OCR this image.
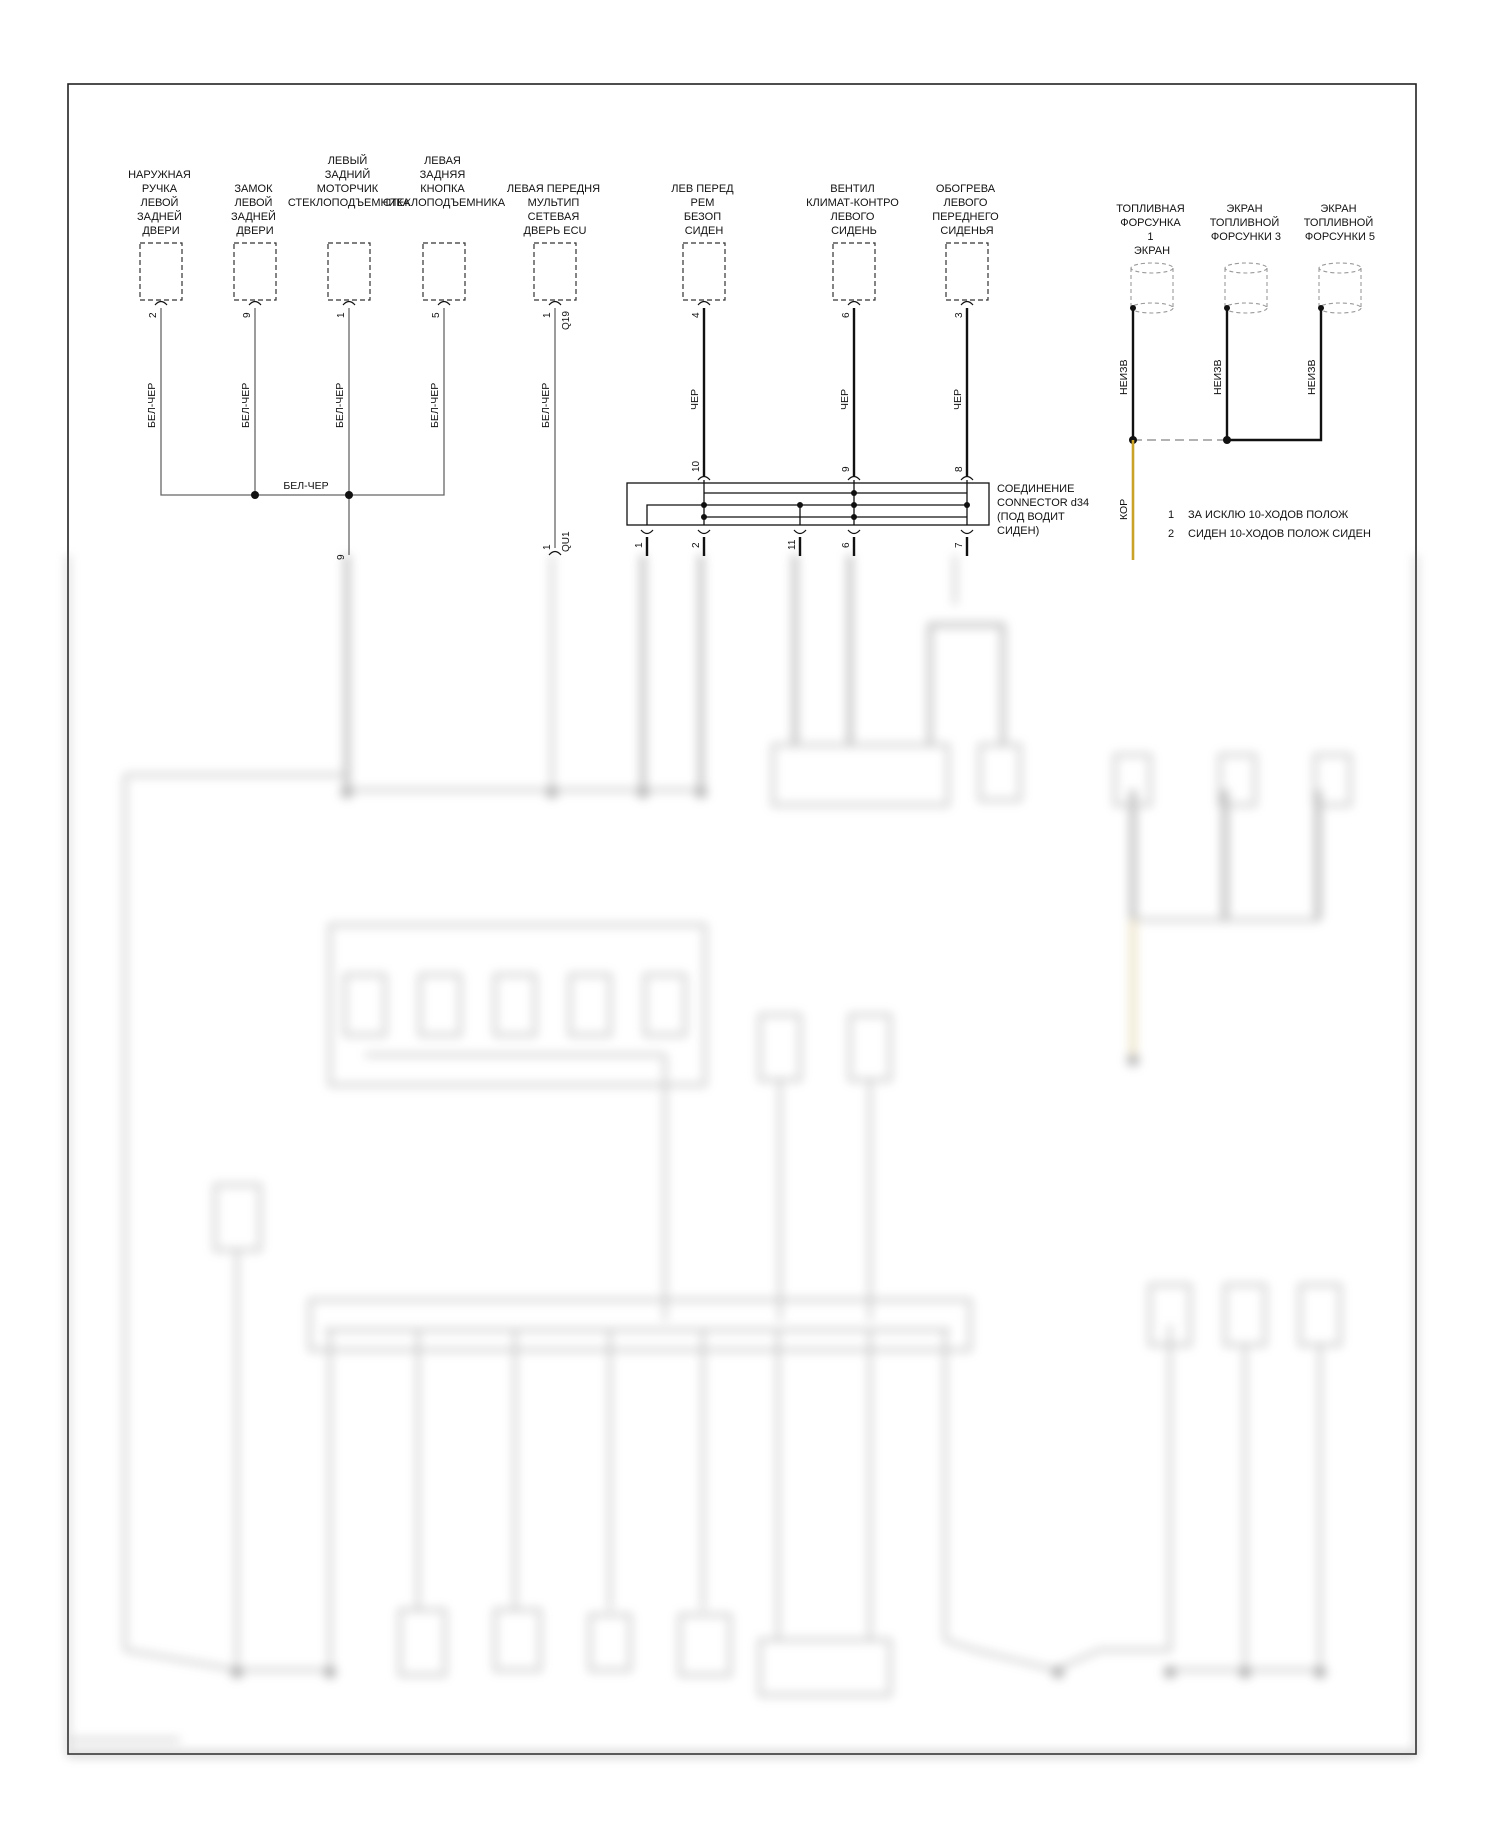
НАРУЖНАЯ РУЧКА ЛЕВОЙ ЗАДНЕЙ ДВЕРИ
ЗАМОК ЛЕВОЙ ЗАДНЕЙ ДВЕРИ
ЛЕВЫЙ ЗАДНИЙ МОТОРЧИК СТЕКЛОПОДЪЕМНИКА
ЛЕВАЯ ЗАДНЯЯ КНОПКА СТЕКЛОПОДЪЕМНИКА
ЛЕВАЯ ПЕРЕДНЯ МУЛЬТИП СЕТЕВАЯ ДВЕРЬ ECU
ЛЕВ ПЕРЕД РЕМ БЕЗОП СИДЕН
ВЕНТИЛ КЛИМАТ-КОНТРО ЛЕВОГО СИДЕНЬ
ОБОГРЕВА ЛЕВОГО ПЕРЕДНЕГО СИДЕНЬЯ
2	9	1	5	1 Q19	4	6	3
БЕЛ-ЧЕР	БЕЛ-ЧЕР	БЕЛ-ЧЕР	БЕЛ-ЧЕР	БЕЛ-ЧЕР
БЕЛ-ЧЕР
9
1 QU1
ЧЕР	ЧЕР	ЧЕР
10	9	8
1	2	11	6	7
СОЕДИНЕНИЕ CONNECTOR d34 (ПОД ВОДИТ СИДЕН)
ТОПЛИВНАЯ ФОРСУНКА 1 ЭКРАН
ЭКРАН ТОПЛИВНОЙ ФОРСУНКИ 3
ЭКРАН ТОПЛИВНОЙ ФОРСУНКИ 5
НЕИЗВ	НЕИЗВ	НЕИЗВ
КОР	1 ЗА ИСКЛЮ 10-ХОДОВ ПОЛОЖ
2 СИДЕН 10-ХОДОВ ПОЛОЖ СИДЕН
